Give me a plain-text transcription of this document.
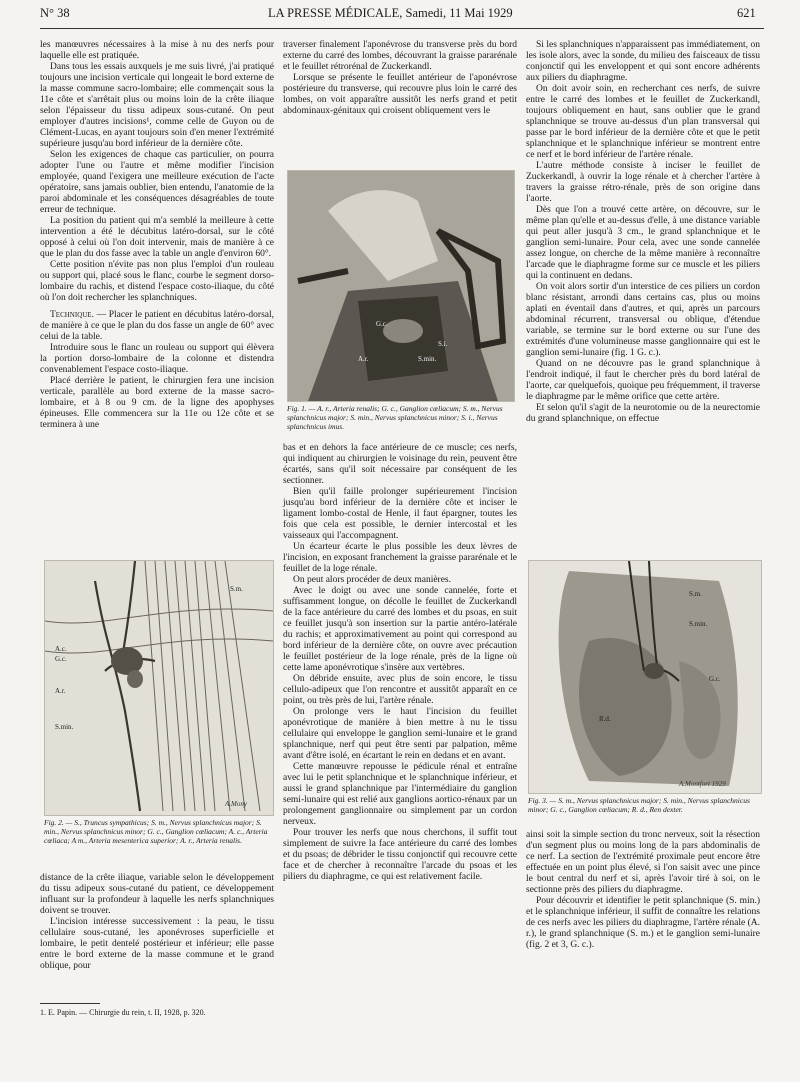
N° 38	LA PRESSE MÉDICALE, Samedi, 11 Mai 1929	621

les manœuvres nécessaires à la mise à nu des nerfs pour laquelle elle est pratiquée.

Dans tous les essais auxquels je me suis livré, j'ai pratiqué toujours une incision verticale qui longeait le bord externe de la masse commune sacro-lombaire; elle commençait sous la 11e côte et s'arrêtait plus ou moins loin de la crête iliaque selon l'épaisseur du tissu adipeux sous-cutané. On peut employer d'autres incisions¹, comme celle de Guyon ou de Clément-Lucas, en ayant toujours soin d'en mener l'extrémité supérieure jusqu'au bord inférieur de la dernière côte.

Selon les exigences de chaque cas particulier, on pourra adopter l'une ou l'autre et même modifier l'incision employée, quand l'exigera une meilleure exécution de l'acte opératoire, sans jamais oublier, bien entendu, l'anatomie de la paroi abdominale et les conséquences désagréables de toute erreur de technique.

La position du patient qui m'a semblé la meilleure à cette intervention a été le décubitus latéro-dorsal, sur le côté opposé à celui où l'on doit intervenir, mais de manière à ce que le plan du dos fasse avec la table un angle d'environ 60°.

Cette position n'évite pas non plus l'emploi d'un rouleau ou support qui, placé sous le flanc, courbe le segment dorso-lombaire du rachis, et distend l'espace costo-iliaque, du côté où l'on doit rechercher les splanchniques.

Technique. — Placer le patient en décubitus latéro-dorsal, de manière à ce que le plan du dos fasse un angle de 60° avec celui de la table.

Introduire sous le flanc un rouleau ou support qui élèvera la portion dorso-lombaire de la colonne et distendra convenablement l'espace costo-iliaque.

Placé derrière le patient, le chirurgien fera une incision verticale, parallèle au bord externe de la masse sacro-lombaire, et à 8 ou 9 cm. de la ligne des apophyses épineuses. Elle commencera sur la 11e ou 12e côte et se terminera à une

A.c.
G.c.
A.r.
S.m.
S.min.
A.Mony
Fig. 2. — S., Truncus sympathicus; S. m., Nervus splanchnicus major; S. min., Nervus splanchnicus minor; G. c., Ganglion cœliacum; A. c., Arteria cœliaca; A m., Arteria mesenterica superior; A. r., Arteria renalis.

distance de la crête iliaque, variable selon le développement du tissu adipeux sous-cutané du patient, ce développement influant sur la profondeur à laquelle les nerfs splanchniques doivent se trouver.

L'incision intéresse successivement : la peau, le tissu cellulaire sous-cutané, les aponévroses superficielle et lombaire, le petit dentelé postérieur et inférieur; elle passe entre le bord externe de la masse commune et le grand oblique, pour

traverser finalement l'aponévrose du transverse près du bord externe du carré des lombes, découvrant la graisse pararénale et le feuillet rétrorénal de Zuckerkandl.

Lorsque se présente le feuillet antérieur de l'aponévrose postérieure du transverse, qui recouvre plus loin le carré des lombes, on voit apparaître aussitôt les nerfs grand et petit abdominaux-génitaux qui croisent obliquement vers le

G.c.
A.r.	S.min.
S.i.
Fig. 1. — A. r., Arteria renalis; G. c., Ganglion cœliacum; S. m., Nervus splanchnicus major; S. min., Nervus splanchnicus minor; S. i., Nervus splanchnicus imus.

bas et en dehors la face antérieure de ce muscle; ces nerfs, qui indiquent au chirurgien le voisinage du rein, peuvent être écartés, sans qu'il soit nécessaire par conséquent de les sectionner.

Bien qu'il faille prolonger supérieurement l'incision jusqu'au bord inférieur de la dernière côte et inciser le ligament lombo-costal de Henle, il faut épargner, toutes les fois que cela est possible, le dernier intercostal et les vaisseaux qui l'accompagnent.

Un écarteur écarte le plus possible les deux lèvres de l'incision, en exposant franchement la graisse pararénale et le feuillet de la loge rénale.

On peut alors procéder de deux manières.

Avec le doigt ou avec une sonde cannelée, forte et suffisamment longue, on décolle le feuillet de Zuckerkandl de la face antérieure du carré des lombes et du psoas, en suit ce feuillet jusqu'à son insertion sur la partie antéro-latérale du rachis; et approximativement au point qui correspond au bord inférieur de la dernière côte, on ouvre avec précaution le feuillet postérieur de la loge rénale, près de la ligne où cette lame aponévrotique s'insère aux vertèbres.

On débride ensuite, avec plus de soin encore, le tissu cellulo-adipeux que l'on rencontre et aussitôt apparaît en ce point, ou très près de lui, l'artère rénale.

On prolonge vers le haut l'incision du feuillet aponévrotique de manière à bien mettre à nu le tissu cellulaire qui enveloppe le ganglion semi-lunaire et le grand splanchnique, nerf qui peut être senti par palpation, même avant d'être isolé, en écartant le rein en dedans et en avant.

Cette manœuvre repousse le pédicule rénal et entraîne avec lui le petit splanchnique et le splanchnique inférieur, et aussi le grand splanchnique par l'intermédiaire du ganglion semi-lunaire qui est relié aux ganglions aortico-rénaux par un prolongement ganglionnaire ou simplement par un cordon nerveux.

Pour trouver les nerfs que nous cherchons, il suffit tout simplement de suivre la face antérieure du carré des lombes et du psoas; de débrider le tissu conjonctif qui recouvre cette face et de chercher à reconnaître l'arcade du psoas et les piliers du diaphragme, ce qui est relativement facile.

Si les splanchniques n'apparaissent pas immédiatement, on les isole alors, avec la sonde, du milieu des faisceaux de tissu conjonctif qui les enveloppent et qui sont encore adhérents aux piliers du diaphragme.

On doit avoir soin, en recherchant ces nerfs, de suivre entre le carré des lombes et le feuillet de Zuckerkandl, toujours obliquement en haut, sans oublier que le grand splanchnique se trouve au-dessus d'un plan transversal qui passe par le bord inférieur de la dernière côte et que le petit splanchnique et le splanchnique inférieur se montrent entre ce nerf et le bord inférieur de l'artère rénale.

L'autre méthode consiste à inciser le feuillet de Zuckerkandl, à ouvrir la loge rénale et à chercher l'artère à travers la graisse rétro-rénale, près de son origine dans l'aorte.

Dès que l'on a trouvé cette artère, on découvre, sur le même plan qu'elle et au-dessus d'elle, à une distance variable qui peut aller jusqu'à 3 cm., le grand splanchnique et le ganglion semi-lunaire. Pour cela, avec une sonde cannelée assez longue, on cherche de la même manière à reconnaître l'arcade que le diaphragme forme sur ce muscle et les piliers qui la continuent en dedans.

On voit alors sortir d'un interstice de ces piliers un cordon blanc résistant, arrondi dans certains cas, plus ou moins aplati en éventail dans d'autres, et qui, après un parcours abdominal récurrent, transversal ou oblique, d'étendue variable, se termine sur le bord externe ou sur l'une des extrémités d'une volumineuse masse ganglionnaire qui est le ganglion semi-lunaire (fig. 1 G. c.).

Quand on ne découvre pas le grand splanchnique à l'endroit indiqué, il faut le chercher près du bord latéral de l'aorte, car quelquefois, quoique peu fréquemment, il traverse le diaphragme par le même orifice que cette artère.

Et selon qu'il s'agit de la neurotomie ou de la neurectomie du grand splanchnique, on effectue

S.m.
S.min.
G.c.
R.d.
A.Montfort 1929
Fig. 3. — S. m., Nervus splanchnicus major; S. min., Nervus splanchnicus minor; G. c., Ganglion cœliacum; R. d., Ren dexter.

ainsi soit la simple section du tronc nerveux, soit la résection d'un segment plus ou moins long de la pars abdominalis de ce nerf. La section de l'extrémité proximale peut encore être effectuée en un point plus élevé, si l'on saisit avec une pince le bout central du nerf et si, après l'avoir tiré à soi, on le sectionne près des piliers du diaphragme.

Pour découvrir et identifier le petit splanchnique (S. min.) et le splanchnique inférieur, il suffit de connaître les relations de ces nerfs avec les piliers du diaphragme, l'artère rénale (A. r.), le grand splanchnique (S. m.) et le ganglion semi-lunaire (fig. 2 et 3, G. c.).

1. E. Papin. — Chirurgie du rein, t. II, 1928, p. 320.
